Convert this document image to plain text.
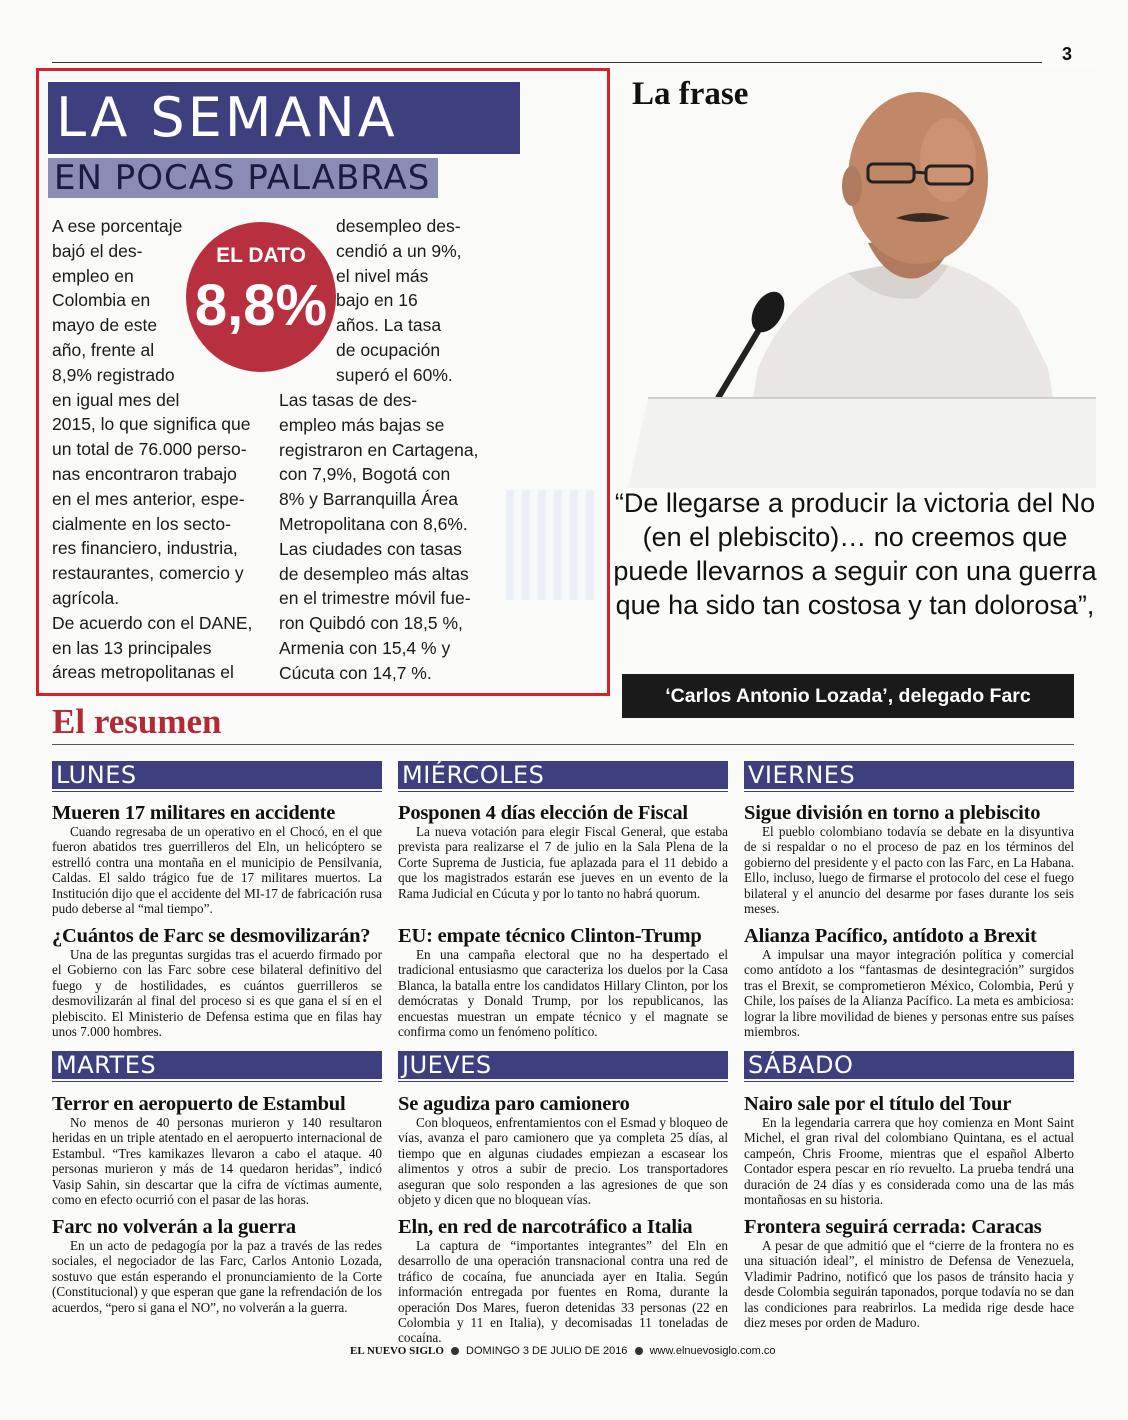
3
LA SEMANA
EN POCAS PALABRAS
EL DATO
8,8%
A ese porcentaje
bajó el des-
empleo en
Colombia en
mayo de este
año, frente al
8,9% registrado
en igual mes del
2015, lo que significa que
un total de 76.000 perso-
nas encontraron trabajo
en el mes anterior, espe-
cialmente en los secto-
res financiero, industria,
restaurantes, comercio y
agrícola.
De acuerdo con el DANE,
en las 13 principales
áreas metropolitanas el
desempleo des-
cendió a un 9%,
el nivel más
bajo en 16
años. La tasa
de ocupación
superó el 60%.
Las tasas de des-
empleo más bajas se
registraron en Cartagena,
con 7,9%, Bogotá con
8% y Barranquilla Área
Metropolitana con 8,6%.
Las ciudades con tasas
de desempleo más altas
en el trimestre móvil fue-
ron Quibdó con 18,5 %,
Armenia con 15,4 % y
Cúcuta con 14,7 %.
La frase
“De llegarse a producir la victoria del No (en el plebiscito)… no creemos que puede llevarnos a seguir con una guerra que ha sido tan costosa y tan dolorosa”,
‘Carlos Antonio Lozada’, delegado Farc
El resumen
LUNES	MIÉRCOLES	VIERNES
MARTES	JUEVES	SÁBADO
Mueren 17 militares en accidente

Cuando regresaba de un operativo en el Chocó, en el que fueron abatidos tres guerrilleros del Eln, un helicóptero se estrelló contra una montaña en el municipio de Pensilvania, Caldas. El saldo trágico fue de 17 militares muertos. La Institución dijo que el accidente del MI-17 de fabricación rusa pudo deberse al “mal tiempo”.

¿Cuántos de Farc se desmovilizarán?

Una de las preguntas surgidas tras el acuerdo firmado por el Gobierno con las Farc sobre cese bilateral definitivo del fuego y de hostilidades, es cuántos guerrilleros se desmovilizarán al final del proceso si es que gana el sí en el plebiscito. El Ministerio de Defensa estima que en filas hay unos 7.000 hombres.

Terror en aeropuerto de Estambul

No menos de 40 personas murieron y 140 resultaron heridas en un triple atentado en el aeropuerto internacional de Estambul. “Tres kamikazes llevaron a cabo el ataque. 40 personas murieron y más de 14 quedaron heridas”, indicó Vasip Sahin, sin descartar que la cifra de víctimas aumente, como en efecto ocurrió con el pasar de las horas.

Farc no volverán a la guerra

En un acto de pedagogía por la paz a través de las redes sociales, el negociador de las Farc, Carlos Antonio Lozada, sostuvo que están esperando el pronunciamiento de la Corte (Constitucional) y que esperan que gane la refrendación de los acuerdos, “pero si gana el NO”, no volverán a la guerra.

Posponen 4 días elección de Fiscal

La nueva votación para elegir Fiscal General, que estaba prevista para realizarse el 7 de julio en la Sala Plena de la Corte Suprema de Justicia, fue aplazada para el 11 debido a que los magistrados estarán ese jueves en un evento de la Rama Judicial en Cúcuta y por lo tanto no habrá quorum.

EU: empate técnico Clinton-Trump

En una campaña electoral que no ha despertado el tradicional entusiasmo que caracteriza los duelos por la Casa Blanca, la batalla entre los candidatos Hillary Clinton, por los demócratas y Donald Trump, por los republicanos, las encuestas muestran un empate técnico y el magnate se confirma como un fenómeno político.

Se agudiza paro camionero

Con bloqueos, enfrentamientos con el Esmad y bloqueo de vías, avanza el paro camionero que ya completa 25 días, al tiempo que en algunas ciudades empiezan a escasear los alimentos y otros a subir de precio. Los transportadores aseguran que solo responden a las agresiones de que son objeto y dicen que no bloquean vías.

Eln, en red de narcotráfico a Italia

La captura de “importantes integrantes” del Eln en desarrollo de una operación transnacional contra una red de tráfico de cocaína, fue anunciada ayer en Italia. Según información entregada por fuentes en Roma, durante la operación Dos Mares, fueron detenidas 33 personas (22 en Colombia y 11 en Italia), y decomisadas 11 toneladas de cocaína.

Sigue división en torno a plebiscito

El pueblo colombiano todavía se debate en la disyuntiva de si respaldar o no el proceso de paz en los términos del gobierno del presidente y el pacto con las Farc, en La Habana. Ello, incluso, luego de firmarse el protocolo del cese el fuego bilateral y el anuncio del desarme por fases durante los seis meses.

Alianza Pacífico, antídoto a Brexit

A impulsar una mayor integración política y comercial como antídoto a los “fantasmas de desintegración” surgidos tras el Brexit, se comprometieron México, Colombia, Perú y Chile, los países de la Alianza Pacífico. La meta es ambiciosa: lograr la libre movilidad de bienes y personas entre sus países miembros.

Nairo sale por el título del Tour

En la legendaria carrera que hoy comienza en Mont Saint Michel, el gran rival del colombiano Quintana, es el actual campeón, Chris Froome, mientras que el español Alberto Contador espera pescar en río revuelto. La prueba tendrá una duración de 24 días y es considerada como una de las más montañosas en su historia.

Frontera seguirá cerrada: Caracas

A pesar de que admitió que el “cierre de la frontera no es una situación ideal”, el ministro de Defensa de Venezuela, Vladimir Padrino, notificó que los pasos de tránsito hacia y desde Colombia seguirán taponados, porque todavía no se dan las condiciones para reabrirlos. La medida rige desde hace diez meses por orden de Maduro.

EL NUEVO SIGLO DOMINGO 3 DE JULIO DE 2016 www.elnuevosiglo.com.co
